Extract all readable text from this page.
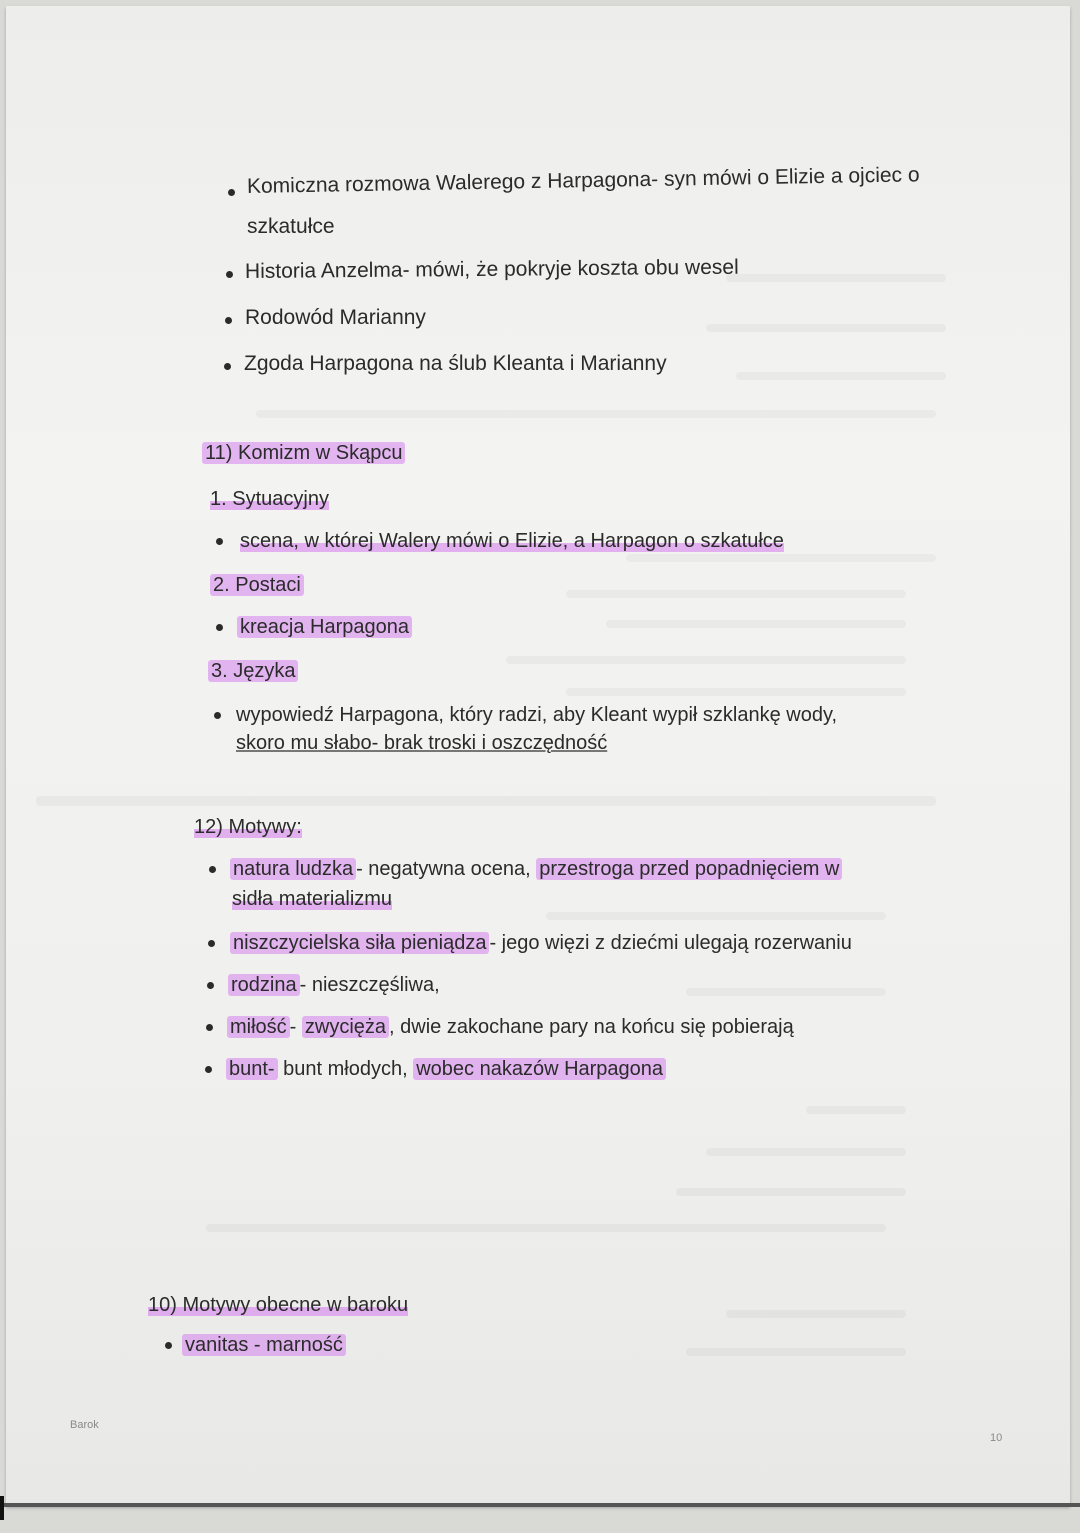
Komiczna rozmowa Walerego z Harpagona- syn mówi o Elizie a ojciec o
szkatułce
Historia Anzelma- mówi, że pokryje koszta obu wesel
Rodowód Marianny
Zgoda Harpagona na ślub Kleanta i Marianny
11) Komizm w Skąpcu
1. Sytuacyjny
scena, w której Walery mówi o Elizie, a Harpagon o szkatułce
2. Postaci
kreacja Harpagona
3. Języka
wypowiedź Harpagona, który radzi, aby Kleant wypił szklankę wody,
skoro mu słabo- brak troski i oszczędność
12) Motywy:
natura ludzka - negatywna ocena, przestroga przed popadnięciem w
sidła materializmu
niszczycielska siła pieniądza - jego więzi z dziećmi ulegają rozerwaniu
rodzina - nieszczęśliwa,
miłość - zwycięża , dwie zakochane pary na końcu się pobierają
bunt- bunt młodych, wobec nakazów Harpagona
10) Motywy obecne w baroku
vanitas - marność
Barok
10
